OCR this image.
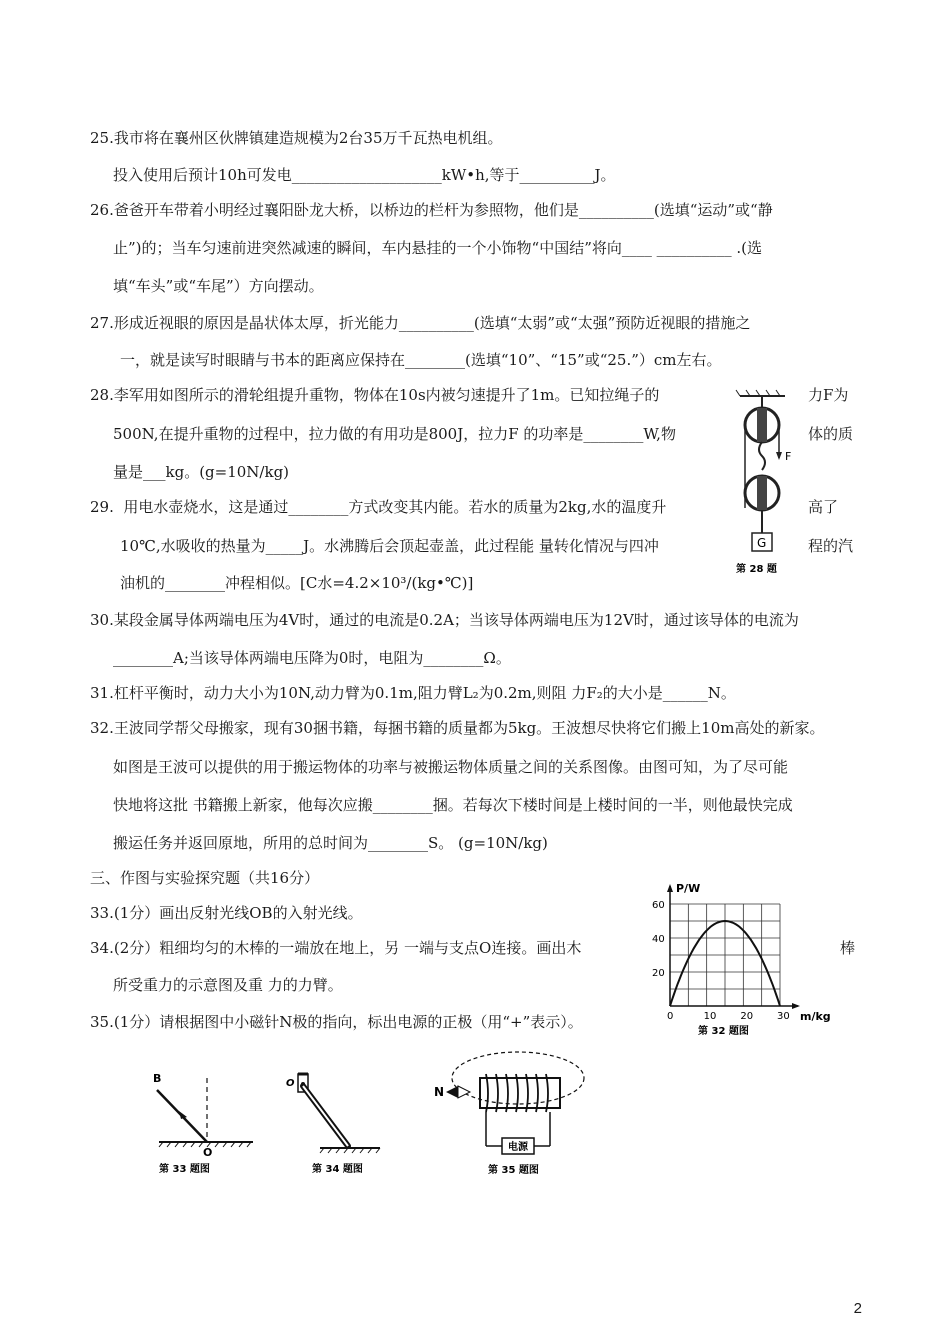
25.我市将在襄州区伙牌镇建造规模为2台35万千瓦热电机组。
投入使用后预计10h可发电____________________kW•h,等于__________J。
26.爸爸开车带着小明经过襄阳卧龙大桥，以桥边的栏杆为参照物，他们是__________(选填“运动”或“静
止”)的；当车匀速前进突然减速的瞬间，车内悬挂的一个小饰物“中国结”将向____ __________ .(选
填“车头”或“车尾”）方向摆动。
27.形成近视眼的原因是晶状体太厚，折光能力__________(选填“太弱”或“太强”预防近视眼的措施之
一，就是读写时眼睛与书本的距离应保持在________(选填“10”、“15”或“25.”）cm左右。
28.李军用如图所示的滑轮组提升重物，物体在10s内被匀速提升了1m。已知拉绳子的	力F为
500N,在提升重物的过程中，拉力做的有用功是800J，拉力F 的功率是________W,物	体的质
量是___kg。(g=10N/kg)
29.  用电水壶烧水，这是通过________方式改变其内能。若水的质量为2kg,水的温度升	高了
10℃,水吸收的热量为_____J。水沸腾后会顶起壶盖，此过程能 量转化情况与四冲	程的汽
油机的________冲程相似。[C水=4.2×10³/(kg•℃)]
30.某段金属导体两端电压为4V时，通过的电流是0.2A；当该导体两端电压为12V时，通过该导体的电流为
________A;当该导体两端电压降为0时，电阻为________Ω。
31.杠杆平衡时，动力大小为10N,动力臂为0.1m,阻力臂L₂为0.2m,则阻 力F₂的大小是______N。
32.王波同学帮父母搬家，现有30捆书籍，每捆书籍的质量都为5kg。王波想尽快将它们搬上10m高处的新家。
如图是王波可以提供的用于搬运物体的功率与被搬运物体质量之间的关系图像。由图可知，为了尽可能
快地将这批 书籍搬上新家，他每次应搬________捆。若每次下楼时间是上楼时间的一半，则他最快完成
搬运任务并返回原地，所用的总时间为________S。 (g=10N/kg)
三、作图与实验探究题（共16分）
33.(1分）画出反射光线OB的入射光线。
34.(2分）粗细均匀的木棒的一端放在地上，另 一端与支点O连接。画出木	棒
所受重力的示意图及重 力的力臂。
35.(1分）请根据图中小磁针N极的指向，标出电源的正极（用“+”表示）。
F
G
第 28 题
P/W
m/kg
0	10 20 30
20
40
60
第 32 题图
B
O
第 33 题图
O
第 34 题图
N
电源
第 35 题图
2
